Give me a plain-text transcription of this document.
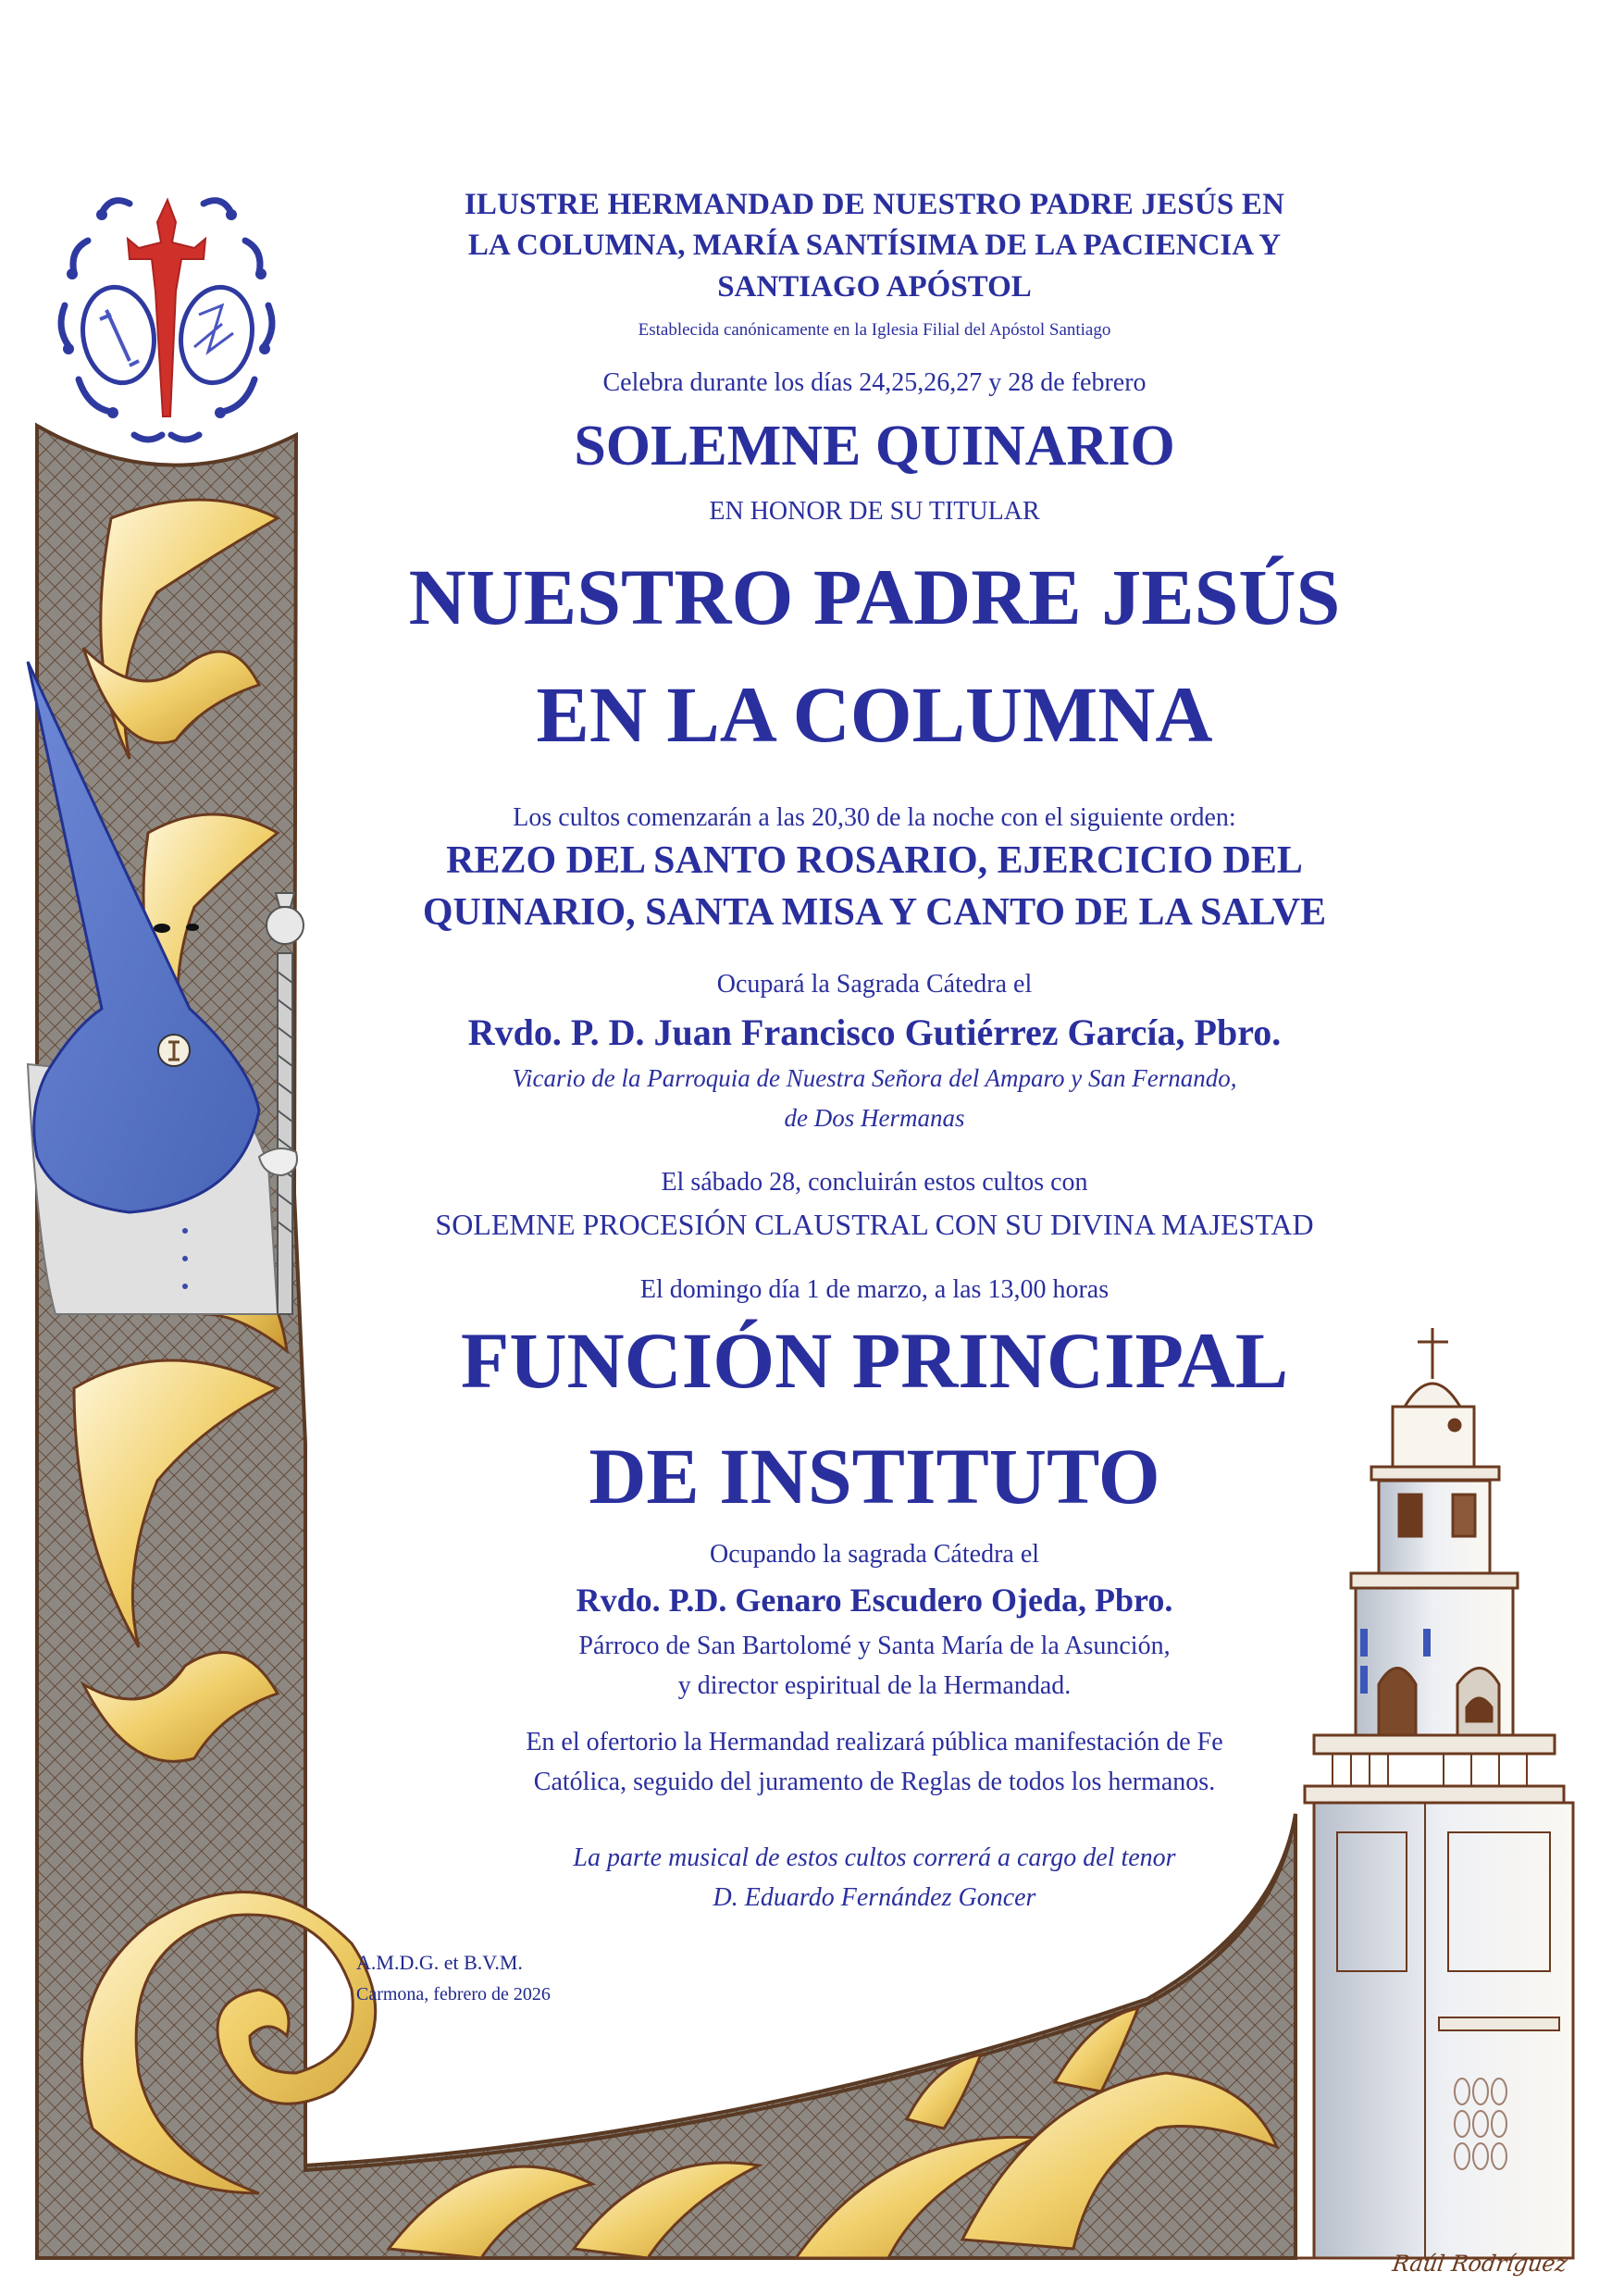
ILUSTRE HERMANDAD DE NUESTRO PADRE JESÚS EN
LA COLUMNA, MARÍA SANTÍSIMA DE LA PACIENCIA Y
SANTIAGO APÓSTOL
Establecida canónicamente en la Iglesia Filial del Apóstol Santiago
Celebra durante los días 24,25,26,27 y 28 de febrero
SOLEMNE QUINARIO
EN HONOR DE SU TITULAR
NUESTRO PADRE JESÚS
EN LA COLUMNA
Los cultos comenzarán a las 20,30 de la noche con el siguiente orden:
REZO DEL SANTO ROSARIO, EJERCICIO DEL
QUINARIO, SANTA MISA Y CANTO DE LA SALVE
Ocupará la Sagrada Cátedra el
Rvdo. P. D. Juan Francisco Gutiérrez García, Pbro.
Vicario de la Parroquia de Nuestra Señora del Amparo y San Fernando,
de Dos Hermanas
El sábado 28, concluirán estos cultos con
SOLEMNE PROCESIÓN CLAUSTRAL CON SU DIVINA MAJESTAD
El domingo día 1 de marzo, a las 13,00 horas
FUNCIÓN PRINCIPAL
DE INSTITUTO
Ocupando la sagrada Cátedra el
Rvdo. P.D. Genaro Escudero Ojeda, Pbro.
Párroco de San Bartolomé y Santa María de la Asunción,
y director espiritual de la Hermandad.
En el ofertorio la Hermandad realizará pública manifestación de Fe
Católica, seguido del juramento de Reglas de todos los hermanos.
La parte musical de estos cultos correrá a cargo del tenor
D. Eduardo Fernández Goncer
A.M.D.G. et B.V.M.
Carmona, febrero de 2026
Raúl Rodríguez
